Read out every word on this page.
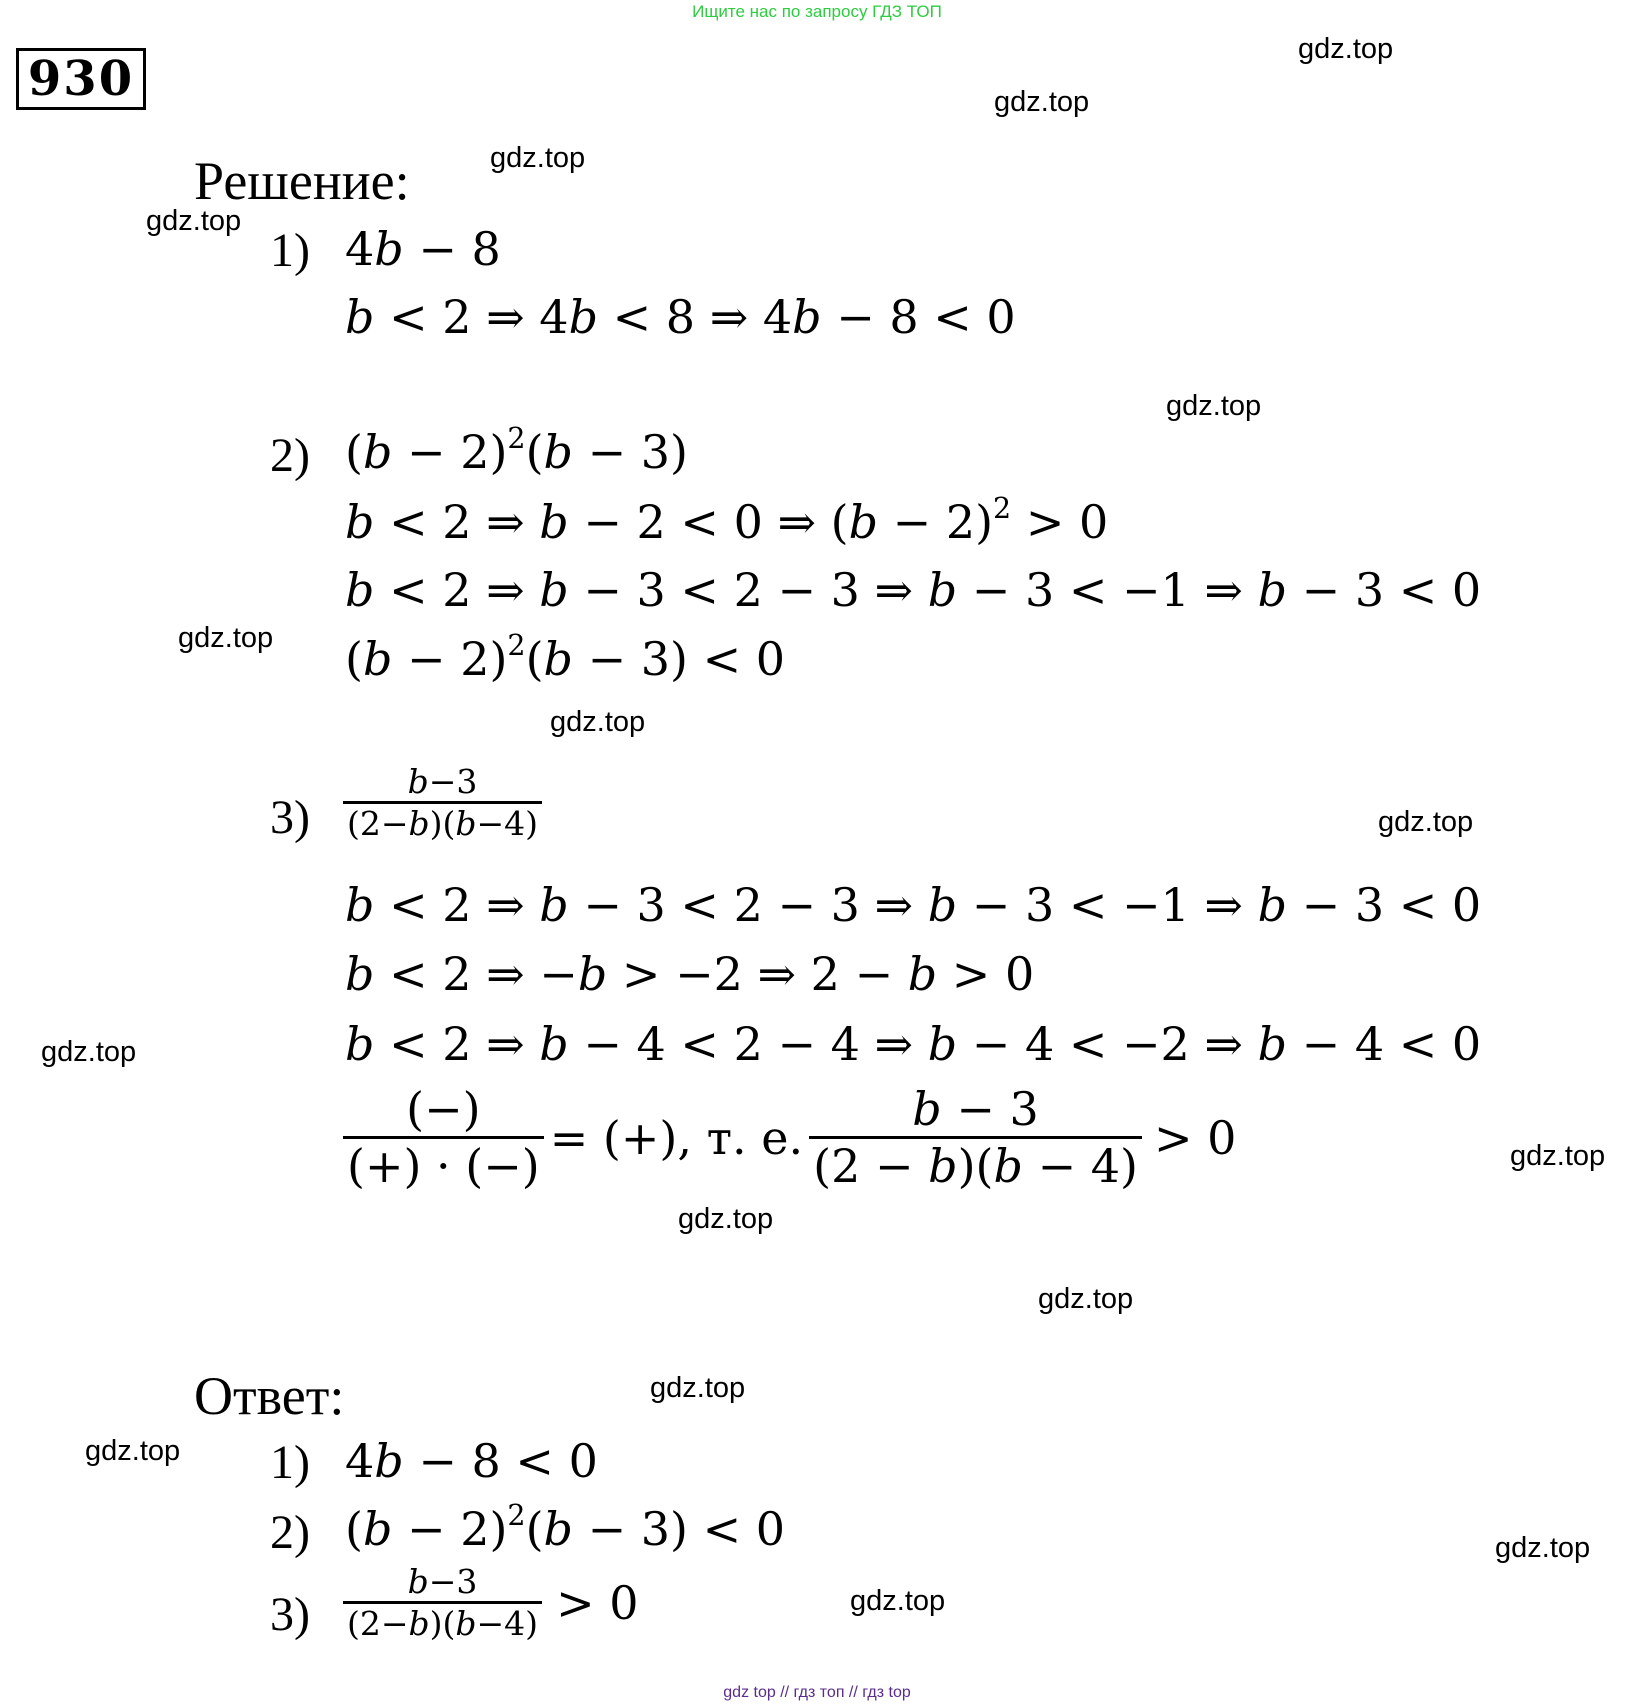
Ищите нас по запросу ГДЗ ТОП
930
Решение:
1) 4b − 8
b < 2 ⇒ 4b < 8 ⇒ 4b − 8 < 0
2) $(b - 2)^2(b - 3)$
b < 2 ⇒ b − 2 < 0 ⇒ $(b - 2)^2 > 0$
b < 2 ⇒ b − 3 < 2 − 3 ⇒ b − 3 < −1 ⇒ b − 3 < 0
$(b - 2)^2(b - 3) < 0$
$3) \frac{b-3}{(2-b)(b-4)}$
b < 2 ⇒ b − 3 < 2 − 3 ⇒ b − 3 < −1 ⇒ b − 3 < 0
b < 2 ⇒ −b > −2 ⇒ 2 − b > 0
b < 2 ⇒ b − 4 < 2 − 4 ⇒ b − 4 < −2 ⇒ b − 4 < 0
$\frac{(-)}{(+) \cdot (-)}$ = (+), т. е. $\frac{b - 3}{(2 - b)(b - 4)} > 0$
Ответ:
1) 4b − 8 < 0
2) $(b - 2)^2(b - 3) < 0$
$3) \frac{b-3}{(2-b)(b-4)} > 0$
gdz.top
gdz.top
gdz.top
gdz.top
gdz.top
gdz.top
gdz.top
gdz.top
gdz.top
gdz.top
gdz.top
gdz.top
gdz.top
gdz.top
gdz.top
gdz.top
gdz top // гдз топ // гдз top
